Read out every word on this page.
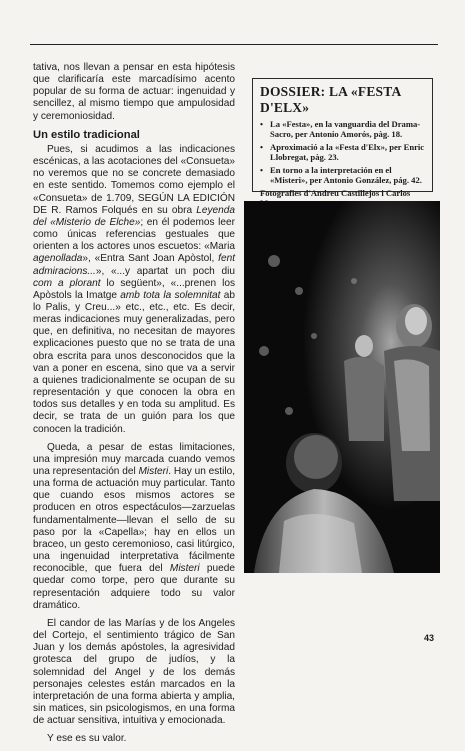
tativa, nos llevan a pensar en esta hipótesis que clarificaría este marcadísimo acento popular de su forma de actuar: ingenuidad y sencillez, al mismo tiempo que ampulosidad y ceremoniosidad.

Un estilo tradicional

Pues, si acudimos a las indicaciones escénicas, a las acotaciones del «Consueta» no veremos que no se concrete demasiado en este sentido. Tomemos como ejemplo el «Consueta» de 1.709, SEGÚN LA EDICIÓN DE R. Ramos Folqués en su obra Leyenda del «Misterio de Elche»; en él podemos leer como únicas referencias gestuales que orienten a los actores unos escuetos: «Maria agenollada», «Entra Sant Joan Apòstol, fent admiracions...», «...y apartat un poch diu com a plorant lo següent», «...prenen los Apòstols la Imatge amb tota la solemnitat ab lo Palis, y Creu...» etc., etc., etc. Es decir, meras indicaciones muy generalizadas, pero que, en definitiva, no necesitan de mayores explicaciones puesto que no se trata de una obra escrita para unos desconocidos que la van a poner en escena, sino que va a servir a quienes tradicionalmente se ocupan de su representación y que conocen la obra en todos sus detalles y en toda su amplitud. Es decir, se trata de un guión para los que conocen la tradición.

Queda, a pesar de estas limitaciones, una impresión muy marcada cuando vemos una representación del Misteri. Hay un estilo, una forma de actuación muy particular. Tanto que cuando esos mismos actores se producen en otros espectáculos—zarzuelas fundamentalmente—llevan el sello de su paso por la «Capella»; hay en ellos un braceo, un gesto ceremonioso, casi litúrgico, una ingenuidad interpretativa fácilmente reconocible, que fuera del Misteri puede quedar como torpe, pero que durante su representación adquiere todo su valor dramático.

El candor de las Marías y de los Angeles del Cortejo, el sentimiento trágico de San Juan y los demás apóstoles, la agresividad grotesca del grupo de judíos, y la solemnidad del Angel y de los demás personajes celestes están marcados en la interpretación de una forma abierta y amplia, sin matices, sin psicologismos, en una forma de actuar sensitiva, intuitiva y emocionada.

Y ese es su valor.

DOSSIER: LA «FESTA D'ELX»
• La «Festa», en la vanguardia del Drama-Sacro, per Antonio Amorós, pàg. 18.
• Aproximació a la «Festa d'Elx», per Enric Llobregat, pàg. 23.
• En torno a la interpretación en el «Misteri», per Antonio González, pág. 42.
Fotografies d'Andreu Castillejos i Carlos
43
